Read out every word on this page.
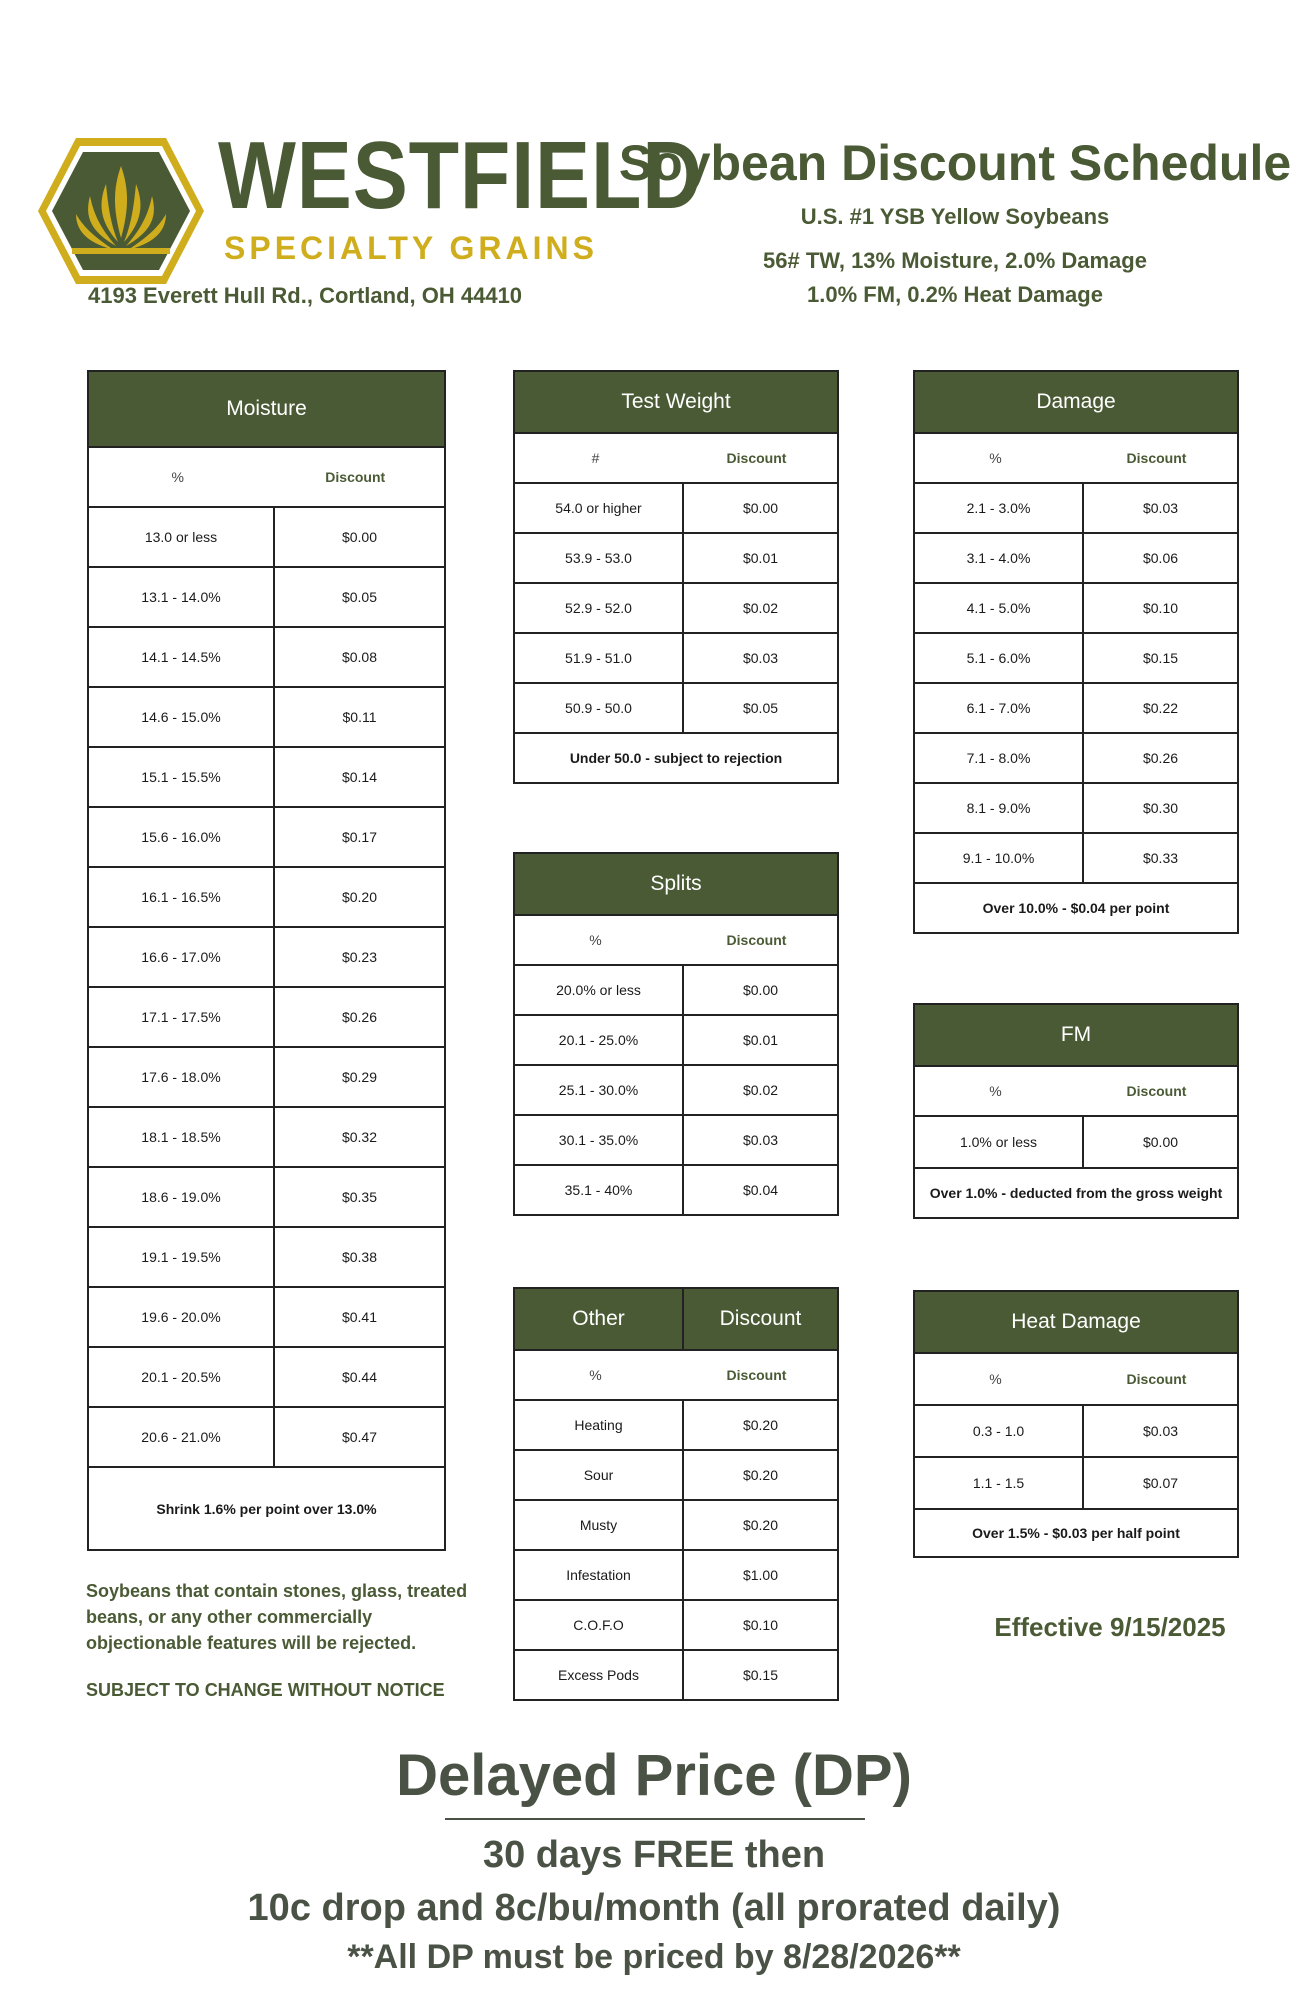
WESTFIELD
SPECIALTY GRAINS
4193 Everett Hull Rd., Cortland, OH 44410
Soybean Discount Schedule
U.S. #1 YSB Yellow Soybeans
56# TW, 13% Moisture, 2.0% Damage
1.0% FM, 0.2% Heat Damage
Moisture	
% Discount	
13.0 or less	$0.00
13.1 - 14.0%	$0.05
14.1 - 14.5%	$0.08
14.6 - 15.0%	$0.11
15.1 - 15.5%	$0.14
15.6 - 16.0%	$0.17
16.1 - 16.5%	$0.20
16.6 - 17.0%	$0.23
17.1 - 17.5%	$0.26
17.6 - 18.0%	$0.29
18.1 - 18.5%	$0.32
18.6 - 19.0%	$0.35
19.1 - 19.5%	$0.38
19.6 - 20.0%	$0.41
20.1 - 20.5%	$0.44
20.6 - 21.0%	$0.47
Shrink 1.6% per point over 13.0%	
Test Weight	
# Discount	
54.0 or higher	$0.00
53.9 - 53.0	$0.01
52.9 - 52.0	$0.02
51.9 - 51.0	$0.03
50.9 - 50.0	$0.05
Under 50.0 - subject to rejection	
Splits	
% Discount	
20.0% or less	$0.00
20.1 - 25.0%	$0.01
25.1 - 30.0%	$0.02
30.1 - 35.0%	$0.03
35.1 - 40%	$0.04
Other	Discount
% Discount	
Heating	$0.20
Sour	$0.20
Musty	$0.20
Infestation	$1.00
C.O.F.O	$0.10
Excess Pods	$0.15
Damage	
% Discount	
2.1 - 3.0%	$0.03
3.1 - 4.0%	$0.06
4.1 - 5.0%	$0.10
5.1 - 6.0%	$0.15
6.1 - 7.0%	$0.22
7.1 - 8.0%	$0.26
8.1 - 9.0%	$0.30
9.1 - 10.0%	$0.33
Over 10.0% - $0.04 per point	
FM
%	Discount
1.0% or less	$0.00
Over 1.0% - deducted from the gross weight
Heat Damage	
% Discount	
0.3 - 1.0	$0.03
1.1 - 1.5	$0.07
Over 1.5% - $0.03 per half point	
Soybeans that contain stones, glass, treated beans, or any other commercially objectionable features will be rejected.
SUBJECT TO CHANGE WITHOUT NOTICE
Effective 9/15/2025
Delayed Price (DP)
30 days FREE then
10c drop and 8c/bu/month (all prorated daily)
**All DP must be priced by 8/28/2026**
